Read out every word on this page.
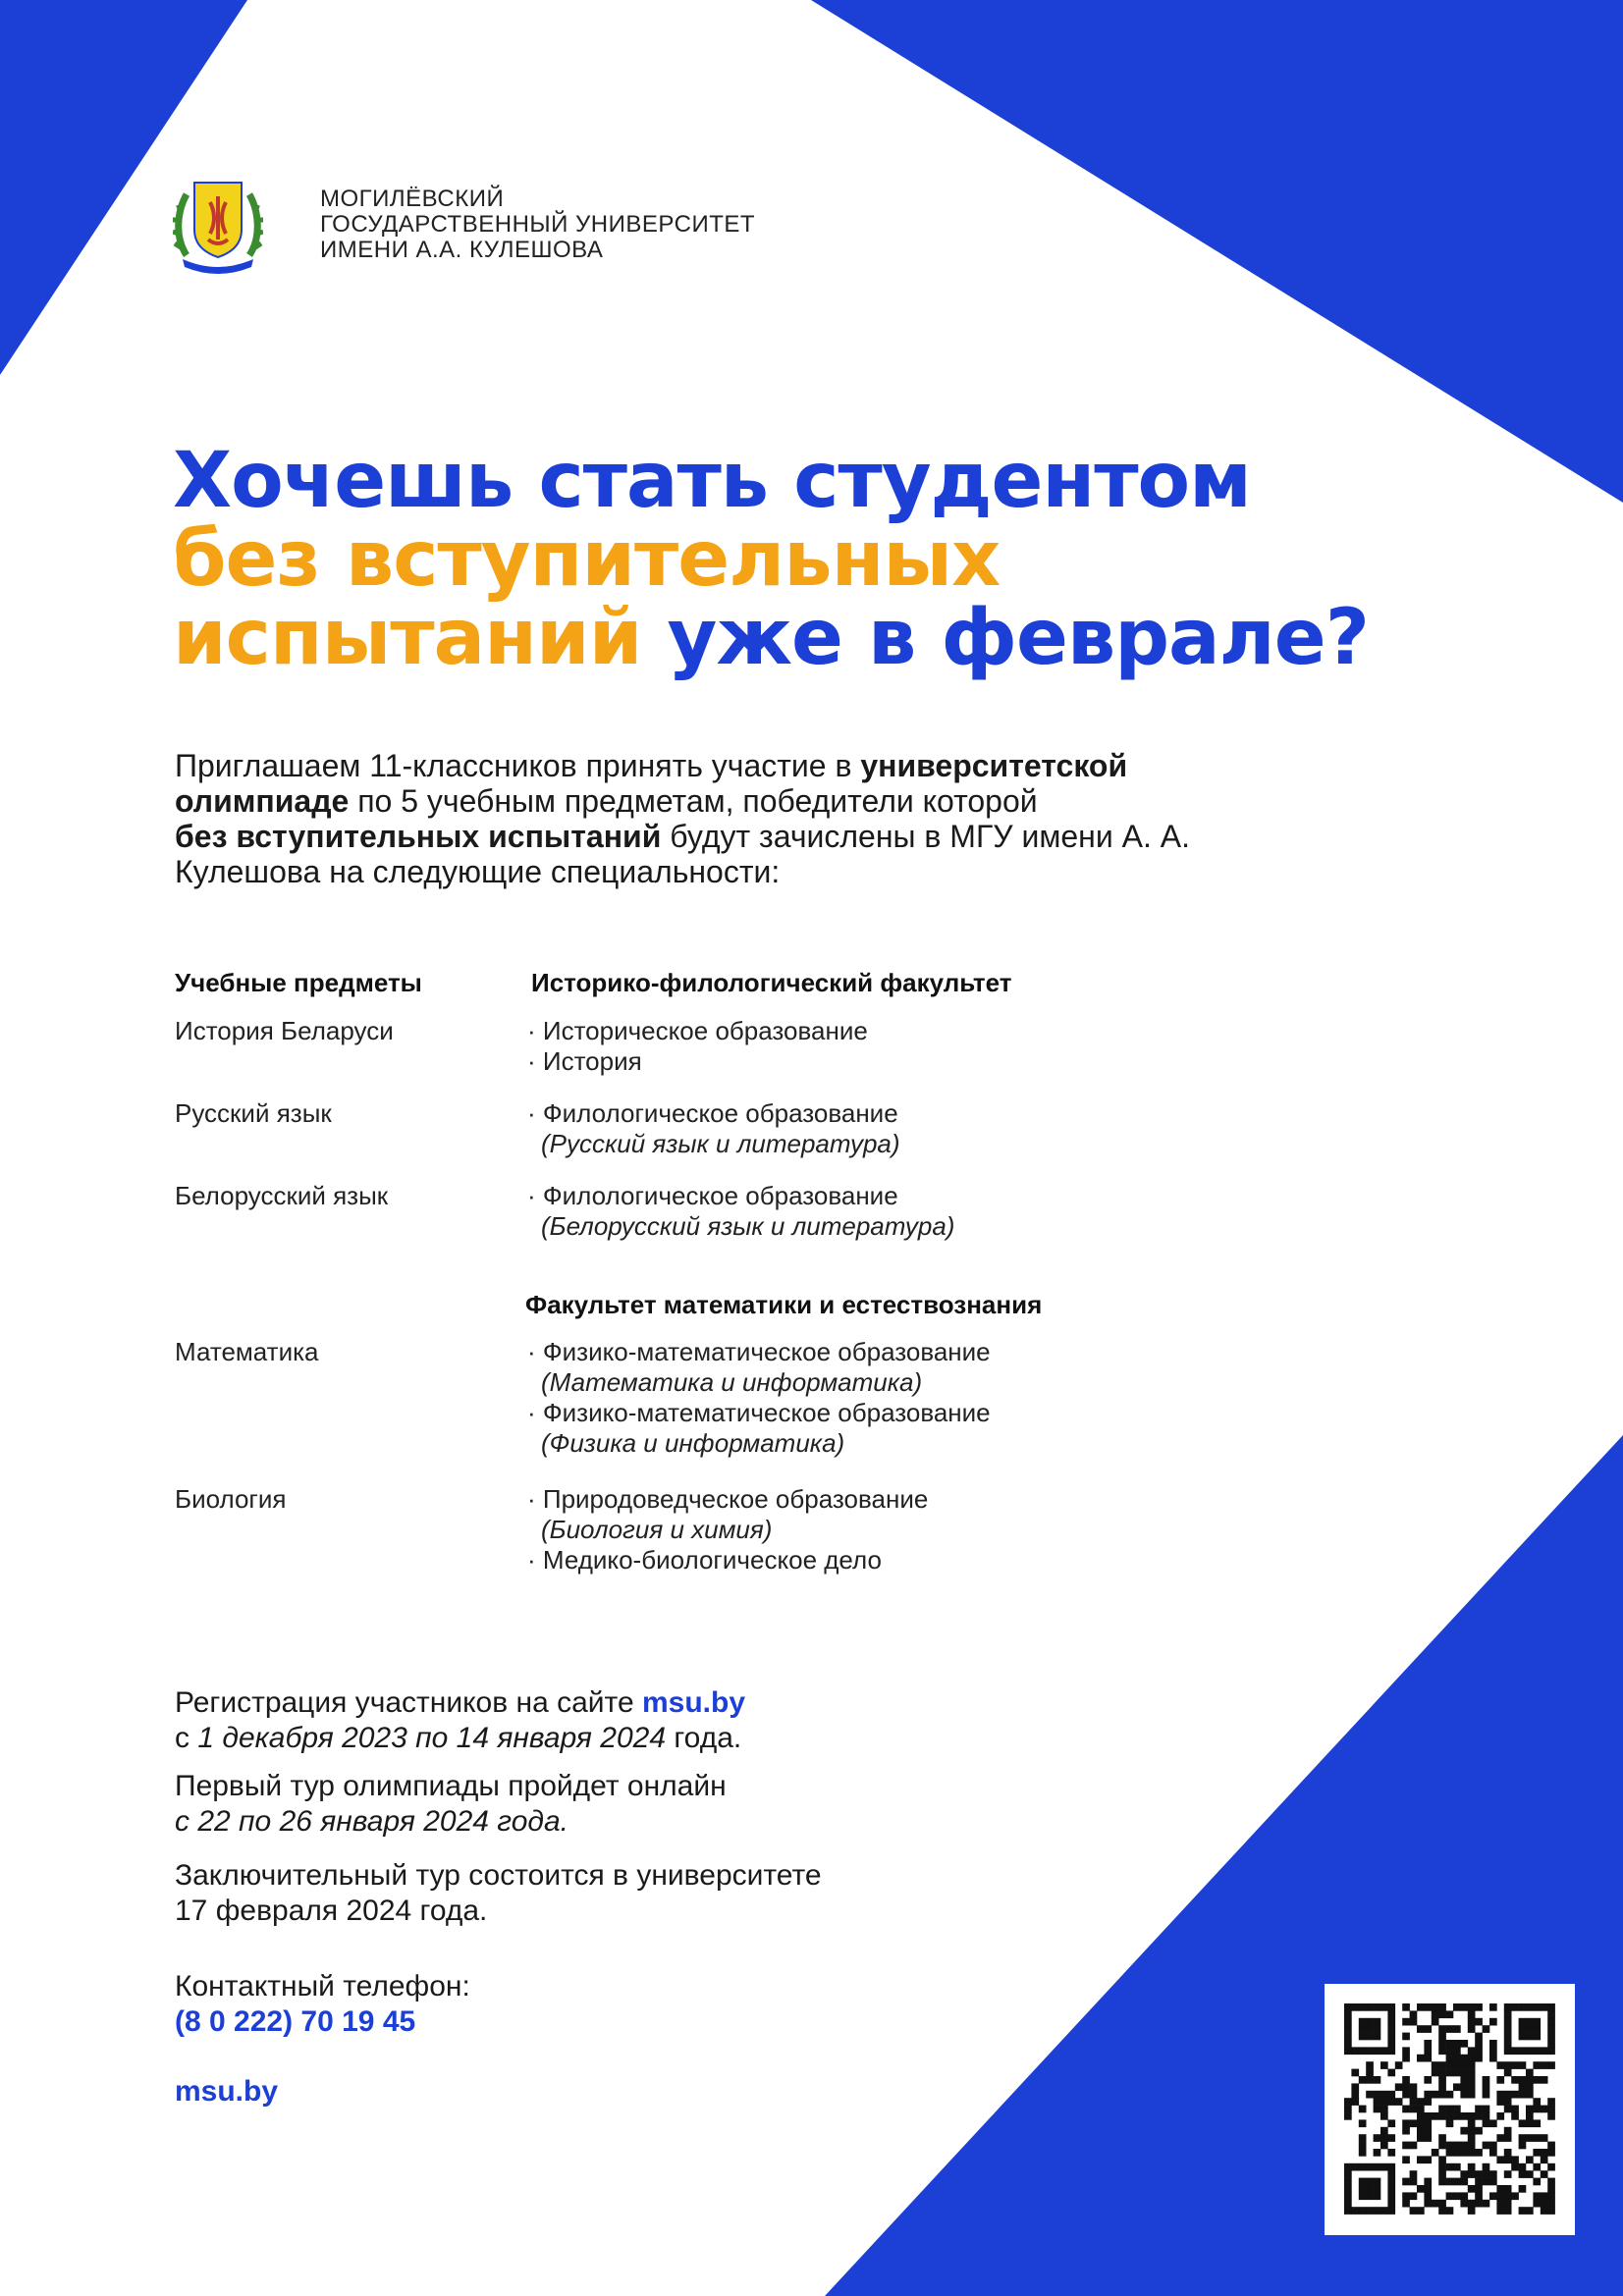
МОГИЛЁВСКИЙ
ГОСУДАРСТВЕННЫЙ УНИВЕРСИТЕТ
ИМЕНИ А.А. КУЛЕШОВА
Хочешь стать студентом
без вступительных
испытаний уже в феврале?
Приглашаем 11-классников принять участие в университетской олимпиаде по 5 учебным предметам, победители которой
без вступительных испытаний будут зачислены в МГУ имени А. А. Кулешова на следующие специальности:
Учебные предметы	Историко-филологический факультет
История Беларуси	· Историческое образование
· История
Русский язык	· Филологическое образование
(Русский язык и литература)
Белорусский язык	· Филологическое образование
(Белорусский язык и литература)
Факультет математики и естествознания
Математика	· Физико-математическое образование
(Математика и информатика)
· Физико-математическое образование
(Физика и информатика)
Биология	· Природоведческое образование
(Биология и химия)
· Медико-биологическое дело
Регистрация участников на сайте msu.by
с 1 декабря 2023 по 14 января 2024 года.
Первый тур олимпиады пройдет онлайн
с 22 по 26 января 2024 года.
Заключительный тур состоится в университете
17 февраля 2024 года.
Контактный телефон:
(8 0 222) 70 19 45
msu.by
